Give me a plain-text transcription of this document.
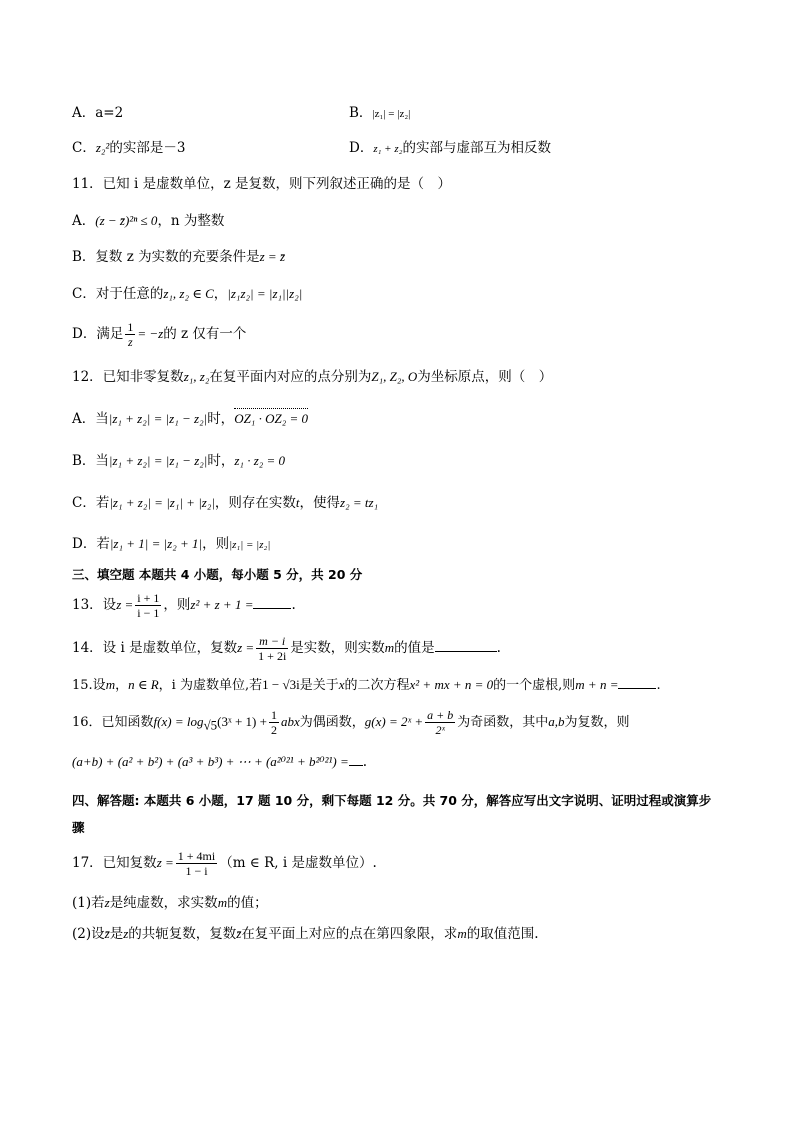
A．a=2	B．|z₁| = |z₂|
C．z₂²的实部是－3	D．z₁ + z₂的实部与虚部互为相反数
11．已知 i 是虚数单位，z 是复数，则下列叙述正确的是（　）
A．(z − z̄)²ⁿ ≤ 0，n 为整数
B．复数 z 为实数的充要条件是z = z̄
C．对于任意的z₁, z₂ ∈ C，|z₁z₂| = |z₁||z₂|
D．满足 $\frac{1}{z} = -z$的 z 仅有一个
12．已知非零复数z₁, z₂在复平面内对应的点分别为Z₁, Z₂, O为坐标原点，则（　）
A．当|z₁ + z₂| = |z₁ − z₂|时，OZ₁ · OZ₂ = 0
B．当|z₁ + z₂| = |z₁ − z₂|时，z₁ · z₂ = 0
C．若|z₁ + z₂| = |z₁| + |z₂|，则存在实数t，使得z₂ = tz₁
D．若|z₁ + 1| = |z₂ + 1|，则|z₁| = |z₂|
三、填空题 本题共 4 小题，每小题 5 分，共 20 分
13．设$z = \frac{i + 1}{i - 1}$ ，则z² + z + 1 =	.
14．设 i 是虚数单位，复数$z = \frac{m - i}{1 + 2i}$ 是实数，则实数m的值是	.
15.设m，n ∈ R，i 为虚数单位,若1 − √3i是关于x的二次方程x² + mx + n = 0的一个虚根,则m + n =	.
16．已知函数$f(x) = \log_{√5}(3ˣ + 1) + \frac{1}{2}$ abx为偶函数，g(x) = 2ˣ + $\frac{a + b}{\text{2ˣ}}$ 为奇函数，其中a,b为复数，则
(a+b) + (a² + b²) + (a³ + b³) + ⋯ + (a²⁰²¹ + b²⁰²¹) = .
四、解答题: 本题共 6 小题，17 题 10 分，剩下每题 12 分。共 70 分，解答应写出文字说明、证明过程或演算步
骤
17．已知复数$z = \frac{1 + 4mi}{1 - i} (m$ ∈ R, i 是虚数单位）.
(1)若z是纯虚数，求实数m的值；
(2)设z̄是z的共轭复数，复数z̄在复平面上对应的点在第四象限，求m的取值范围.
